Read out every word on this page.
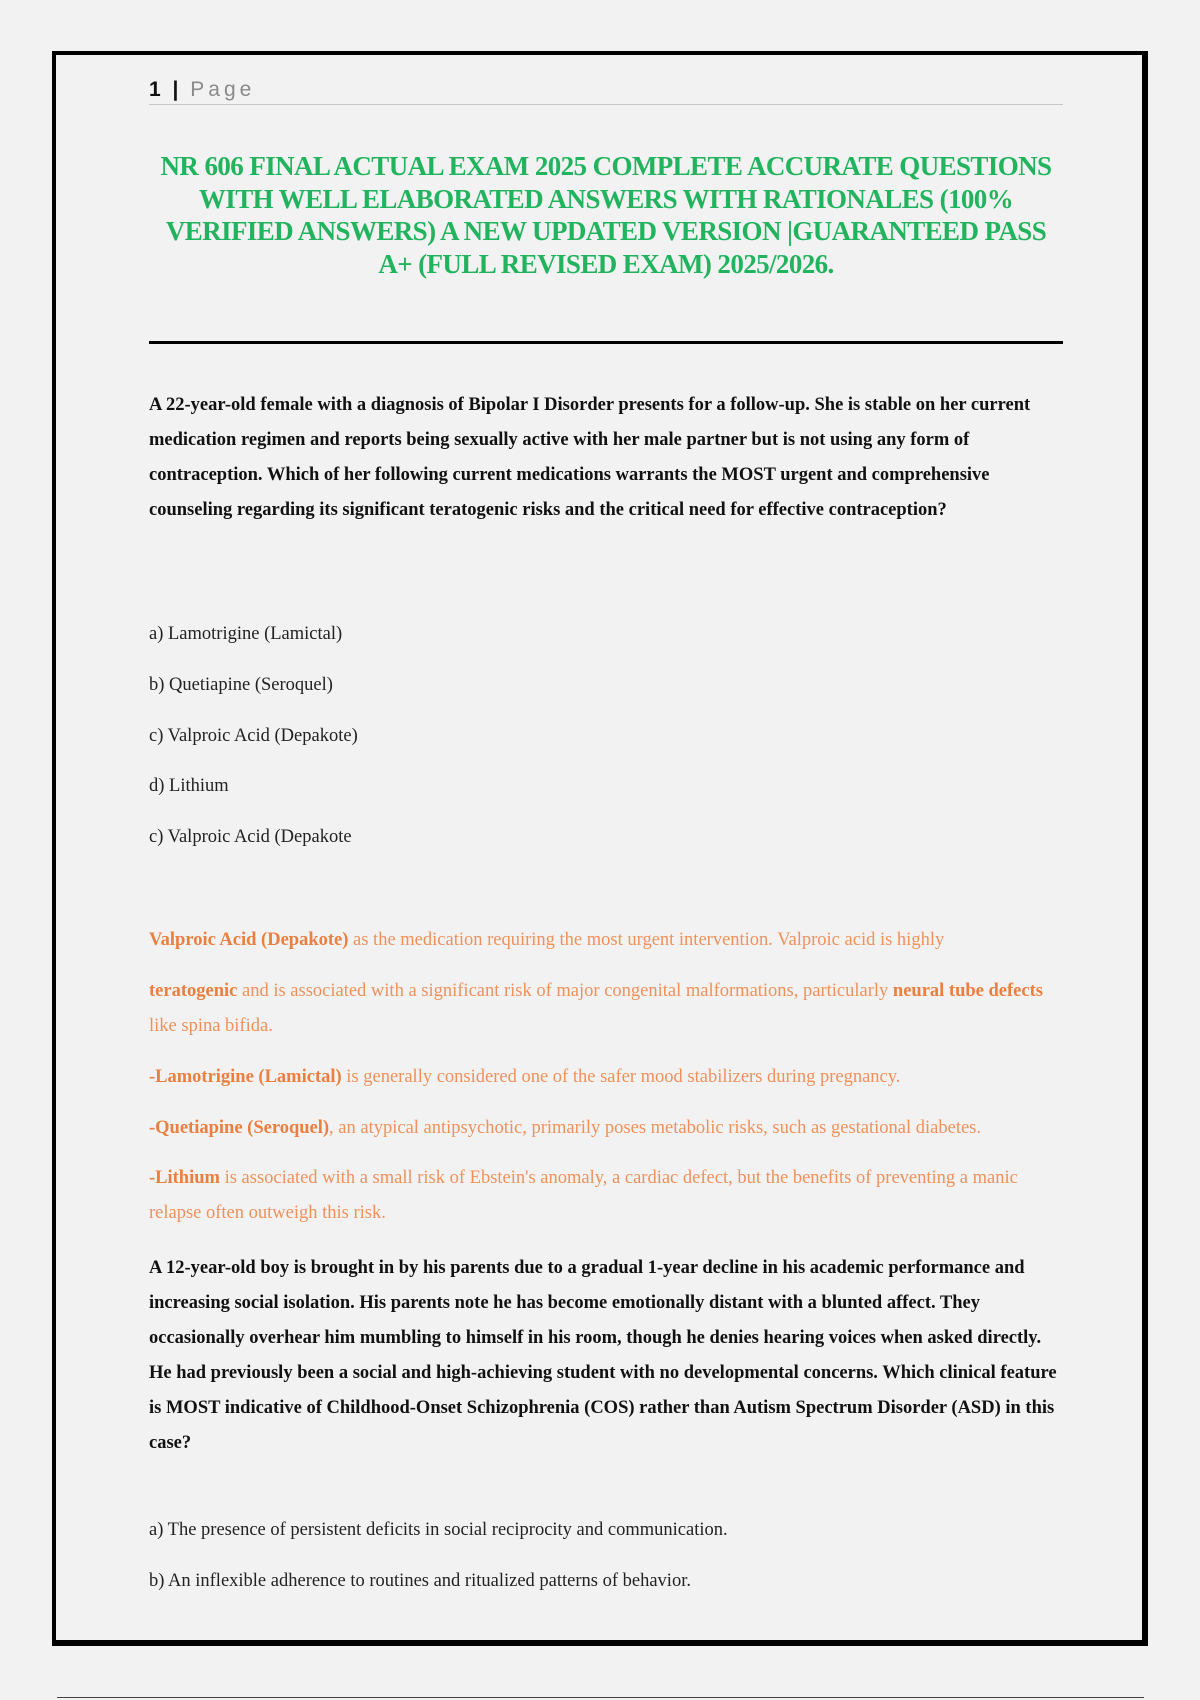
1 | Page
NR 606 FINAL ACTUAL EXAM 2025 COMPLETE ACCURATE QUESTIONS WITH WELL ELABORATED ANSWERS WITH RATIONALES (100% VERIFIED ANSWERS) A NEW UPDATED VERSION |GUARANTEED PASS A+ (FULL REVISED EXAM) 2025/2026.

A 22-year-old female with a diagnosis of Bipolar I Disorder presents for a follow-up. She is stable on her current medication regimen and reports being sexually active with her male partner but is not using any form of contraception. Which of her following current medications warrants the MOST urgent and comprehensive counseling regarding its significant teratogenic risks and the critical need for effective contraception?

a) Lamotrigine (Lamictal)

b) Quetiapine (Seroquel)

c) Valproic Acid (Depakote)

d) Lithium

c) Valproic Acid (Depakote

Valproic Acid (Depakote) as the medication requiring the most urgent intervention. Valproic acid is highly

teratogenic and is associated with a significant risk of major congenital malformations, particularly neural tube defects like spina bifida.

-Lamotrigine (Lamictal) is generally considered one of the safer mood stabilizers during pregnancy.

-Quetiapine (Seroquel), an atypical antipsychotic, primarily poses metabolic risks, such as gestational diabetes.

-Lithium is associated with a small risk of Ebstein's anomaly, a cardiac defect, but the benefits of preventing a manic relapse often outweigh this risk.

A 12-year-old boy is brought in by his parents due to a gradual 1-year decline in his academic performance and increasing social isolation. His parents note he has become emotionally distant with a blunted affect. They occasionally overhear him mumbling to himself in his room, though he denies hearing voices when asked directly. He had previously been a social and high-achieving student with no developmental concerns. Which clinical feature is MOST indicative of Childhood-Onset Schizophrenia (COS) rather than Autism Spectrum Disorder (ASD) in this case?

a) The presence of persistent deficits in social reciprocity and communication.

b) An inflexible adherence to routines and ritualized patterns of behavior.
